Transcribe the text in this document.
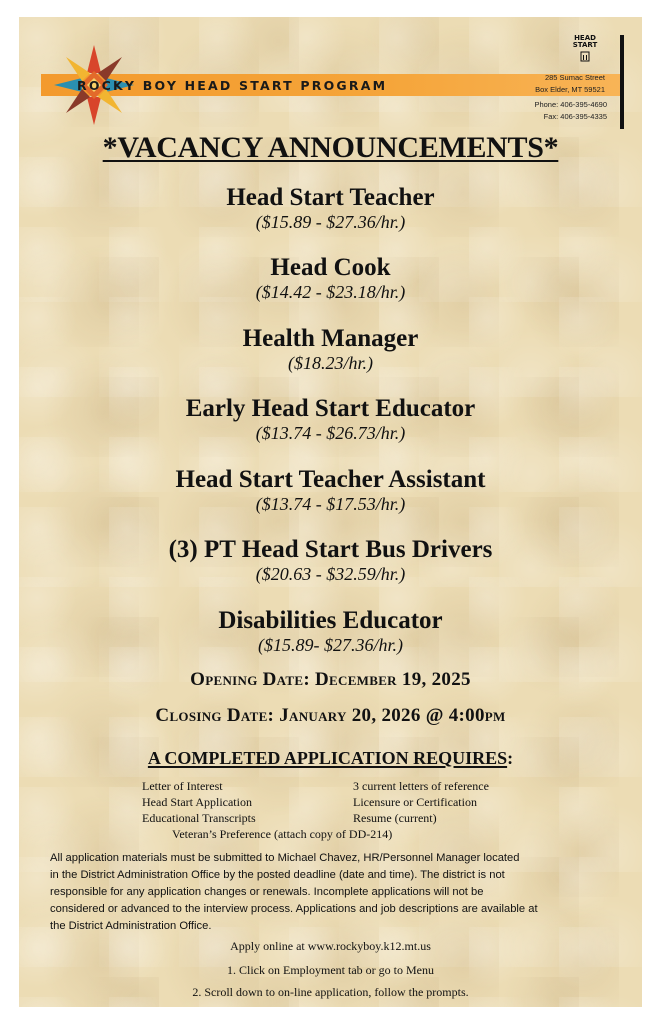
ROCKY BOY HEAD START PROGRAM
285 Sumac Street
Box Elder, MT 59521
Phone: 406-395-4690
Fax: 406-395-4335
HEAD
START
*VACANCY ANNOUNCEMENTS*
Head Start Teacher
($15.89 - $27.36/hr.)
Head Cook
($14.42 - $23.18/hr.)
Health Manager
($18.23/hr.)
Early Head Start Educator
($13.74 - $26.73/hr.)
Head Start Teacher Assistant
($13.74 - $17.53/hr.)
(3) PT Head Start Bus Drivers
($20.63 - $32.59/hr.)
Disabilities Educator
($15.89- $27.36/hr.)
Opening Date: December 19, 2025
Closing Date: January 20, 2026 @ 4:00pm
A COMPLETED APPLICATION REQUIRES:
Letter of Interest
Head Start Application
Educational Transcripts
3 current letters of reference
Licensure or Certification
Resume (current)
Veteran’s Preference (attach copy of DD-214)
All application materials must be submitted to Michael Chavez, HR/Personnel Manager located
in the District Administration Office by the posted deadline (date and time). The district is not
responsible for any application changes or renewals. Incomplete applications will not be
considered or advanced to the interview process. Applications and job descriptions are available at
the District Administration Office.
Apply online at www.rockyboy.k12.mt.us
1. Click on Employment tab or go to Menu
2. Scroll down to on-line application, follow the prompts.
